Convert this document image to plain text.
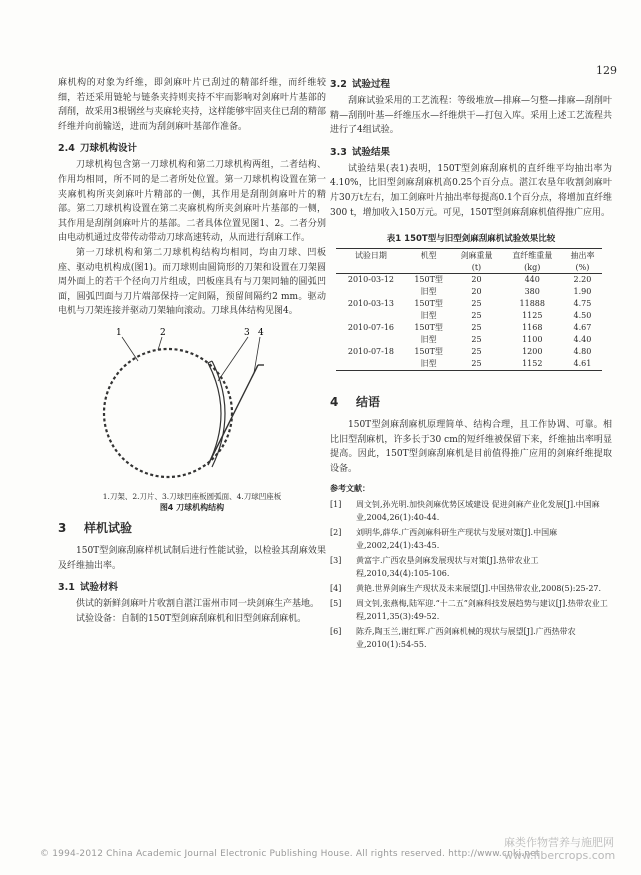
129

麻机构的对象为纤维，即剑麻叶片已刮过的精部纤维，而纤维较细，若还采用链轮与链条夹持则夹持不牢而影响对剑麻叶片基部的刮削，故采用3根钢丝与夹麻轮夹持，这样能够牢固夹住已刮的精部纤维并向前输送，进而为刮剑麻叶基部作准备。

2.4 刀球机构设计

刀球机构包含第一刀球机构和第二刀球机构两组，二者结构、作用均相同，所不同的是二者所处位置。第一刀球机构设置在第一夹麻机构所夹剑麻叶片精部的一侧，其作用是刮削剑麻叶片的精部。第二刀球机构设置在第二夹麻机构所夹剑麻叶片基部的一侧，其作用是刮削剑麻叶片的基部。二者具体位置见图1、2。二者分别由电动机通过皮带传动带动刀球高速转动，从而进行刮麻工作。

第一刀球机构和第二刀球机构结构均相同，均由刀球、凹板座、驱动电机构成(图1)。而刀球则由圆筒形的刀架和设置在刀架圆周外面上的若干个径向刀片组成，凹板座具有与刀架同轴的圆弧凹面，圆弧凹面与刀片端部保持一定间隔，预留间隔约2 mm。驱动电机与刀架连接并驱动刀架轴向滚动。刀球具体结构见图4。

1	2	3 4
1.刀架、2.刀片、3.刀球凹座板圆弧面、4.刀球凹座板
图4 刀球机构结构
3 样机试验

150T型剑麻刮麻样机试制后进行性能试验，以检验其刮麻效果及纤维抽出率。

3.1 试验材料

供试的新鲜剑麻叶片收割自湛江雷州市同一块剑麻生产基地。

试验设备：自制的150T型剑麻刮麻机和旧型剑麻刮麻机。

3.2 试验过程

刮麻试验采用的工艺流程：等级堆放—排麻—匀整—排麻—刮削叶精—刮削叶基—纤维压水—纤维烘干—打包入库。采用上述工艺流程共进行了4组试验。

3.3 试验结果

试验结果(表1)表明，150T型剑麻刮麻机的直纤维平均抽出率为4.10%，比旧型剑麻刮麻机高0.25个百分点。湛江农垦年收割剑麻叶片30万t左右，加工剑麻叶片抽出率每提高0.1个百分点，将增加直纤维300 t，增加收入150万元。可见，150T型剑麻刮麻机值得推广应用。

表1 150T型与旧型剑麻刮麻机试验效果比较
试验日期	机型	剑麻重量	直纤维重量	抽出率
		(t)	(kg)	(%)
2010-03-12	150T型	20	440	2.20
	旧型	20	380	1.90
2010-03-13	150T型	25	11888	4.75
	旧型	25	1125	4.50
2010-07-16	150T型	25	1168	4.67
	旧型	25	1100	4.40
2010-07-18	150T型	25	1200	4.80
	旧型	25	1152	4.61
4 结语

150T型剑麻刮麻机原理简单、结构合理，且工作协调、可靠。相比旧型刮麻机，许多长于30 cm的短纤维被保留下来，纤维抽出率明显提高。因此，150T型剑麻刮麻机是目前值得推广应用的剑麻纤维提取设备。

参考文献：
[1]	周文钊,孙光明.加快剑麻优势区域建设 促进剑麻产业化发展[J].中国麻业,2004,26(1):40-44.
[2]	刘明华,薛华.广西剑麻科研生产现状与发展对策[J].中国麻业,2002,24(1):43-45.
[3]	黄富宇.广西农垦剑麻发展现状与对策[J].热带农业工程,2010,34(4):105-106.
[4]	黄艳.世界剑麻生产现状及未来展望[J].中国热带农业,2008(5):25-27.
[5]	周文钊,张燕梅,陆军迎.“十二五”剑麻科技发展趋势与建议[J].热带农业工程,2011,35(3):49-52.
[6]	陈乔,陶玉兰,谢红辉.广西剑麻机械的现状与展望[J].广西热带农业,2010(1):54-55.
© 1994-2012 China Academic Journal Electronic Publishing House. All rights reserved. http://www.cnki.net
麻类作物营养与施肥网
www.fibercrops.com
